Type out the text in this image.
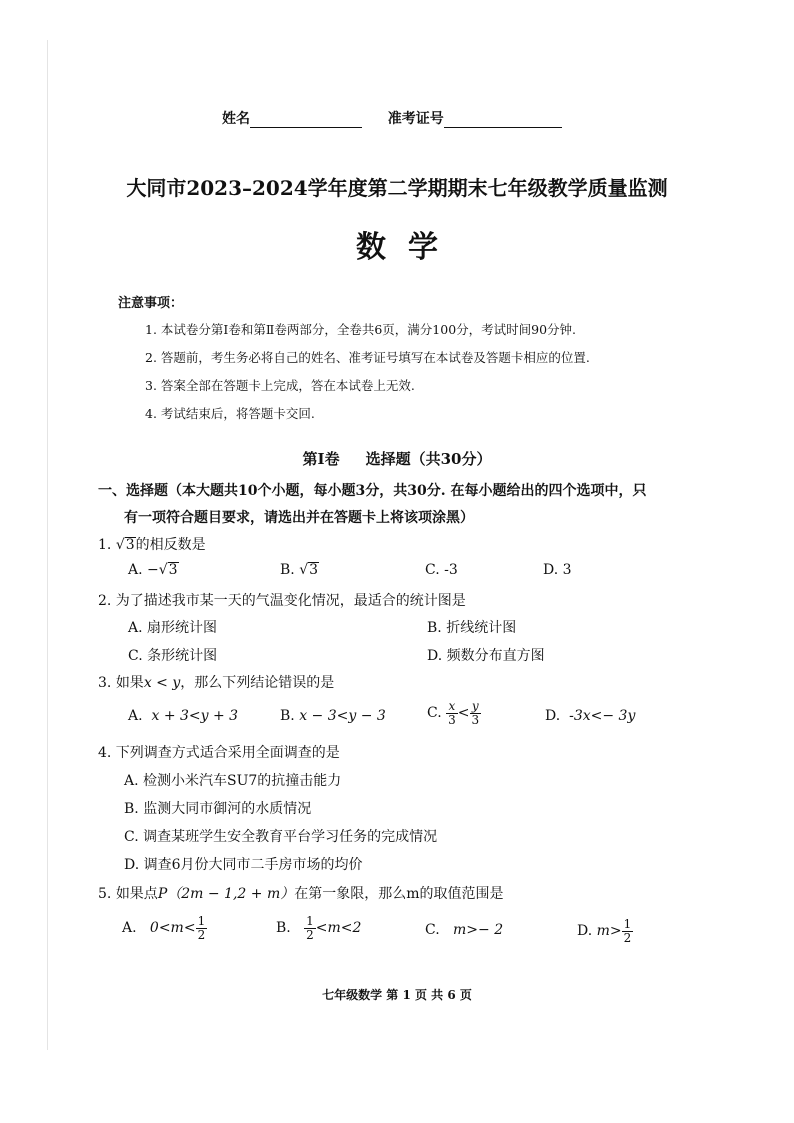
姓名	准考证号
大同市2023–2024学年度第二学期期末七年级教学质量监测
数学
注意事项：
1. 本试卷分第Ⅰ卷和第Ⅱ卷两部分，全卷共6页，满分100分，考试时间90分钟.
2. 答题前，考生务必将自己的姓名、准考证号填写在本试卷及答题卡相应的位置.
3. 答案全部在答题卡上完成，答在本试卷上无效.
4. 考试结束后，将答题卡交回.
第Ⅰ卷 选择题（共30分）
一、选择题（本大题共10个小题，每小题3分，共30分. 在每小题给出的四个选项中，只
有一项符合题目要求，请选出并在答题卡上将该项涂黑）
1. √3的相反数是
A. −√3	B. √3	C. -3	D. 3
2. 为了描述我市某一天的气温变化情况，最适合的统计图是
A. 扇形统计图	B. 折线统计图
C. 条形统计图	D. 频数分布直方图
3. 如果x < y，那么下列结论错误的是
A. x + 3<y + 3	B. x − 3<y − 3	C. $\frac{x}{3} < \frac{y}{3}$	D. -3x<− 3y
4. 下列调查方式适合采用全面调查的是
A. 检测小米汽车SU7的抗撞击能力
B. 监测大同市御河的水质情况
C. 调查某班学生安全教育平台学习任务的完成情况
D. 调查6月份大同市二手房市场的均价
5. 如果点P（2m − 1,2 + m）在第一象限，那么m的取值范围是
A. $0<m< \frac{1}{2}$	B. $\frac{1}{2} <m<2$	C. m>− 2	D. $m> \frac{1}{2}$
七年级数学 第 1 页 共 6 页
